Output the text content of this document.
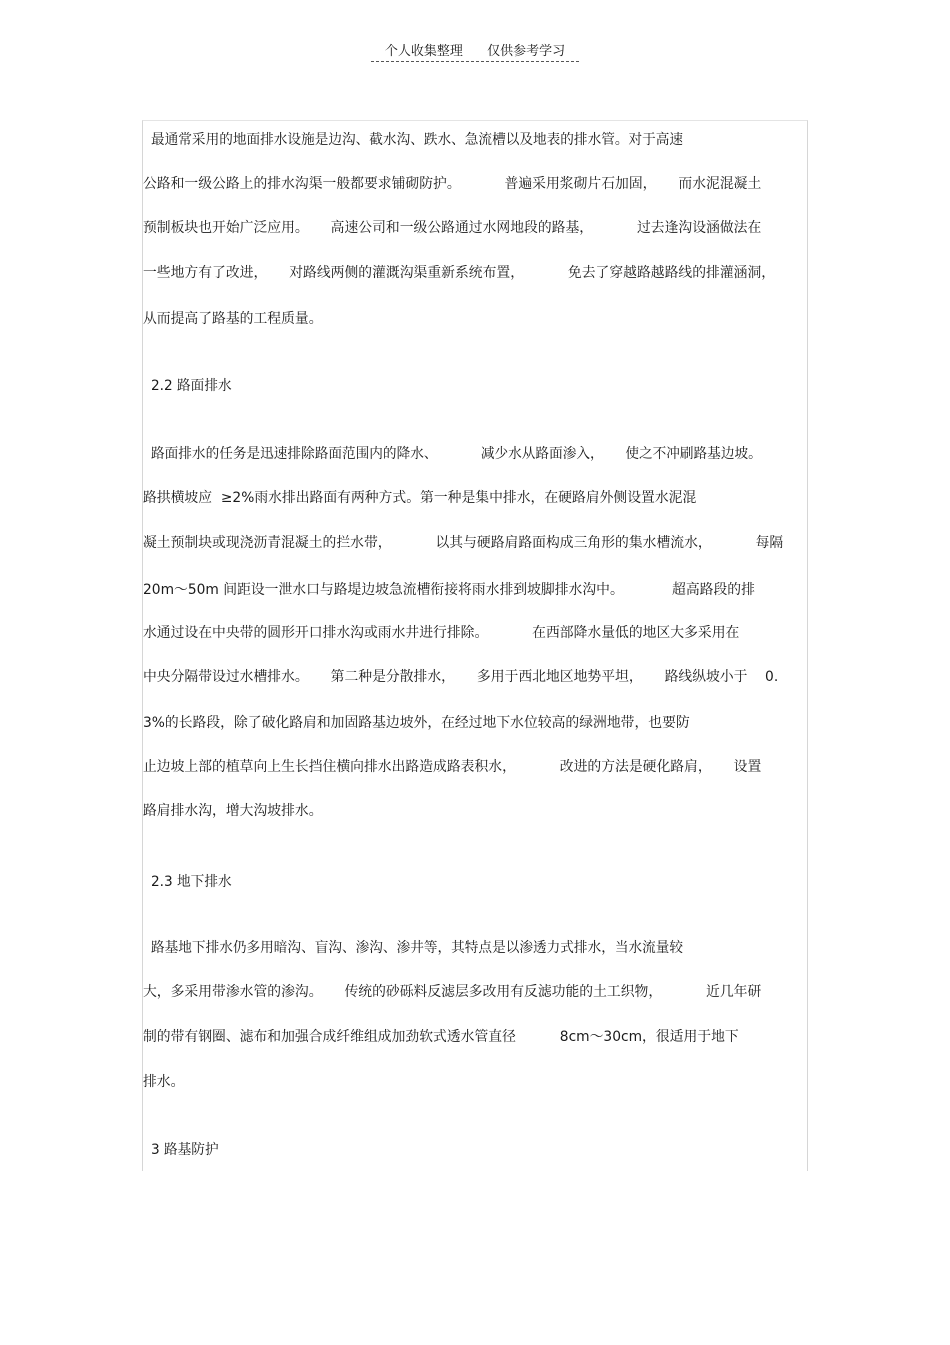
个人收集整理 仅供参考学习
最通常采用的地面排水设施是边沟、截水沟、跌水、急流槽以及地表的排水管。对于高速
公路和一级公路上的排水沟渠一般都要求铺砌防护。          普遍采用浆砌片石加固，     而水泥混凝土
预制板块也开始广泛应用。     高速公司和一级公路通过水网地段的路基，          过去逢沟设涵做法在
一些地方有了改进，     对路线两侧的灌溉沟渠重新系统布置，          免去了穿越路越路线的排灌涵洞，
从而提高了路基的工程质量。
2.2 路面排水
路面排水的任务是迅速排除路面范围内的降水、          减少水从路面渗入，     使之不冲刷路基边坡。
路拱横坡应  ≥2%雨水排出路面有两种方式。第一种是集中排水，在硬路肩外侧设置水泥混
凝土预制块或现浇沥青混凝土的拦水带，          以其与硬路肩路面构成三角形的集水槽流水，          每隔
20m～50m 间距设一泄水口与路堤边坡急流槽衔接将雨水排到坡脚排水沟中。           超高路段的排
水通过设在中央带的圆形开口排水沟或雨水井进行排除。          在西部降水量低的地区大多采用在
中央分隔带设过水槽排水。     第二种是分散排水，     多用于西北地区地势平坦，     路线纵坡小于    0.
3%的长路段，除了破化路肩和加固路基边坡外，在经过地下水位较高的绿洲地带，也要防
止边坡上部的植草向上生长挡住横向排水出路造成路表积水，          改进的方法是硬化路肩，     设置
路肩排水沟，增大沟坡排水。
2.3 地下排水
路基地下排水仍多用暗沟、盲沟、渗沟、渗井等，其特点是以渗透力式排水，当水流量较
大，多采用带渗水管的渗沟。     传统的砂砾料反滤层多改用有反滤功能的土工织物，          近几年研
制的带有钢圈、滤布和加强合成纤维组成加劲软式透水管直径          8cm～30cm，很适用于地下
排水。
3 路基防护
